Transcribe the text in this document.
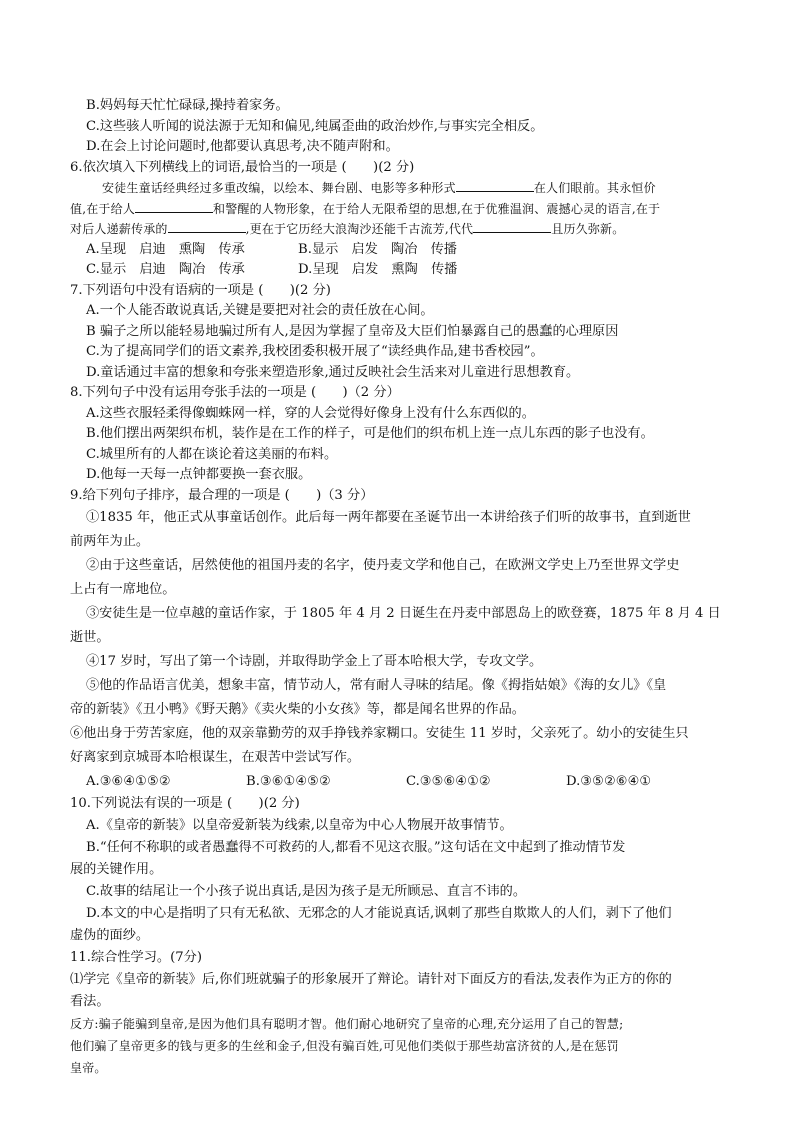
B.妈妈每天忙忙碌碌,操持着家务。
C.这些骇人听闻的说法源于无知和偏见,纯属歪曲的政治炒作,与事实完全相反。
D.在会上讨论问题时,他都要认真思考,决不随声附和。
6.依次填入下列横线上的词语,最恰当的一项是 (　　)(2 分)
安徒生童话经典经过多重改编，以绘本、舞台剧、电影等多种形式	在人们眼前。其永恒价
值,在于给人	和警醒的人物形象，在于给人无限希望的思想,在于优雅温润、震撼心灵的语言,在于
对后人递薪传承的	,更在于它历经大浪淘沙还能千古流芳,代代	且历久弥新。
A.呈现　启迪　熏陶　传承	B.显示　启发　陶冶　传播
C.显示　启迪　陶冶　传承	D.呈现　启发　熏陶　传播
7.下列语句中没有语病的一项是 (　　)(2 分)
A.一个人能否敢说真话,关键是要把对社会的责任放在心间。
B 骗子之所以能轻易地骗过所有人,是因为掌握了皇帝及大臣们怕暴露自己的愚蠢的心理原因
C.为了提高同学们的语文素养,我校团委积极开展了“读经典作品,建书香校园”。
D.童话通过丰富的想象和夸张来塑造形象,通过反映社会生活来对儿童进行思想教育。
8.下列句子中没有运用夸张手法的一项是 (　　)（2 分）
A.这些衣服轻柔得像蜘蛛网一样，穿的人会觉得好像身上没有什么东西似的。
B.他们摆出两架织布机，装作是在工作的样子，可是他们的织布机上连一点儿东西的影子也没有。
C.城里所有的人都在谈论着这美丽的布料。
D.他每一天每一点钟都要换一套衣服。
9.给下列句子排序，最合理的一项是 (　　)（3 分）
①1835 年，他正式从事童话创作。此后每一两年都要在圣诞节出一本讲给孩子们听的故事书，直到逝世
前两年为止。
②由于这些童话，居然使他的祖国丹麦的名字，使丹麦文学和他自己，在欧洲文学史上乃至世界文学史
上占有一席地位。
③安徒生是一位卓越的童话作家，于 1805 年 4 月 2 日诞生在丹麦中部恩岛上的欧登赛，1875 年 8 月 4 日
逝世。
④17 岁时，写出了第一个诗剧，并取得助学金上了哥本哈根大学，专攻文学。
⑤他的作品语言优美，想象丰富，情节动人，常有耐人寻味的结尾。像《拇指姑娘》《海的女儿》《皇
帝的新装》《丑小鸭》《野天鹅》《卖火柴的小女孩》等，都是闻名世界的作品。
⑥他出身于劳苦家庭，他的双亲靠勤劳的双手挣钱养家糊口。安徒生 11 岁时，父亲死了。幼小的安徒生只
好离家到京城哥本哈根谋生，在艰苦中尝试写作。
A.③⑥④①⑤②	B.③⑥①④⑤②	C.③⑤⑥④①②	D.③⑤②⑥④①
10.下列说法有误的一项是 (　　)(2 分)
A.《皇帝的新装》以皇帝爱新装为线索,以皇帝为中心人物展开故事情节。
B.“任何不称职的或者愚蠢得不可救药的人,都看不见这衣服。”这句话在文中起到了推动情节发
展的关键作用。
C.故事的结尾让一个小孩子说出真话,是因为孩子是无所顾忌、直言不讳的。
D.本文的中心是指明了只有无私欲、无邪念的人才能说真话,讽刺了那些自欺欺人的人们，剥下了他们
虚伪的面纱。
11.综合性学习。(7分)
⑴学完《皇帝的新装》后,你们班就骗子的形象展开了辩论。请针对下面反方的看法,发表作为正方的你的
看法。
反方:骗子能骗到皇帝,是因为他们具有聪明才智。他们耐心地研究了皇帝的心理,充分运用了自己的智慧;
他们骗了皇帝更多的钱与更多的生丝和金子,但没有骗百姓,可见他们类似于那些劫富济贫的人,是在惩罚
皇帝。
